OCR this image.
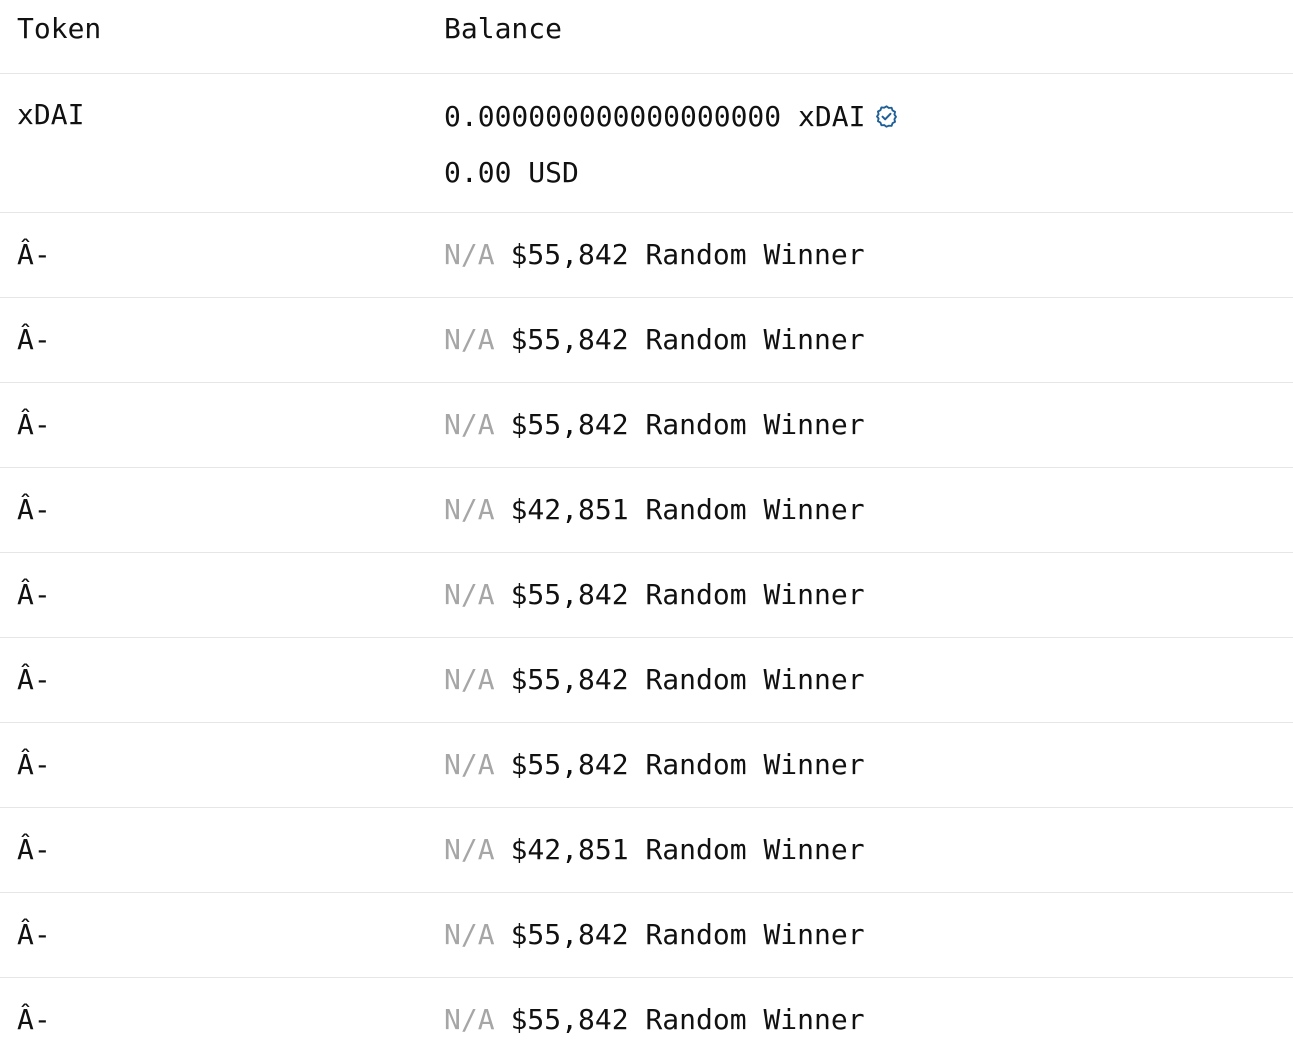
Token	Balance
xDAI	0.000000000000000000 xDAI
0.00 USD
Â-	N/A $55,842 Random Winner
Â-	N/A $55,842 Random Winner
Â-	N/A $55,842 Random Winner
Â-	N/A $42,851 Random Winner
Â-	N/A $55,842 Random Winner
Â-	N/A $55,842 Random Winner
Â-	N/A $55,842 Random Winner
Â-	N/A $42,851 Random Winner
Â-	N/A $55,842 Random Winner
Â-	N/A $55,842 Random Winner
